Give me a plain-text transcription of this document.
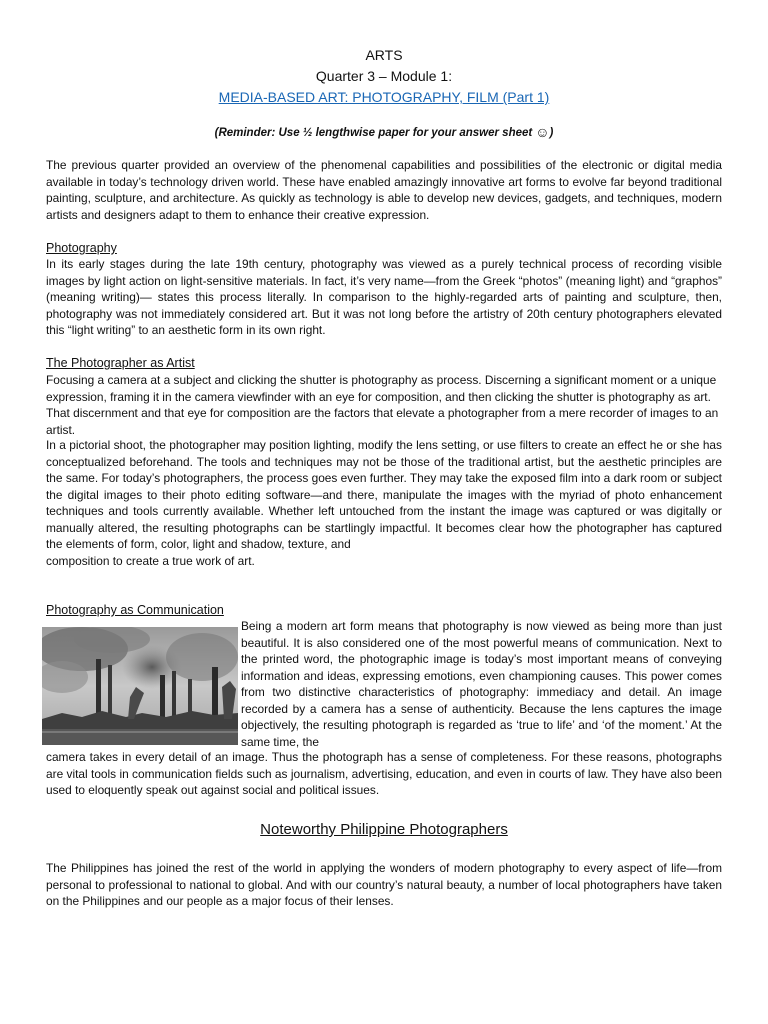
ARTS
Quarter 3 – Module 1:
MEDIA-BASED ART: PHOTOGRAPHY, FILM (Part 1)
(Reminder: Use ½ lengthwise paper for your answer sheet ☺)
The previous quarter provided an overview of the phenomenal capabilities and possibilities of the electronic or digital media available in today’s technology driven world. These have enabled amazingly innovative art forms to evolve far beyond traditional painting, sculpture, and architecture. As quickly as technology is able to develop new devices, gadgets, and techniques, modern artists and designers adapt to them to enhance their creative expression.
Photography
In its early stages during the late 19th century, photography was viewed as a purely technical process of recording visible images by light action on light-sensitive materials. In fact, it’s very name—from the Greek “photos” (meaning light) and “graphos” (meaning writing)— states this process literally. In comparison to the highly-regarded arts of painting and sculpture, then, photography was not immediately considered art. But it was not long before the artistry of 20th century photographers elevated this “light writing” to an aesthetic form in its own right.
The Photographer as Artist
Focusing a camera at a subject and clicking the shutter is photography as process. Discerning a significant moment or a unique expression, framing it in the camera viewfinder with an eye for composition, and then clicking the shutter is photography as art. That discernment and that eye for composition are the factors that elevate a photographer from a mere recorder of images to an artist.
In a pictorial shoot, the photographer may position lighting, modify the lens setting, or use filters to create an effect he or she has conceptualized beforehand. The tools and techniques may not be those of the traditional artist, but the aesthetic principles are the same. For today’s photographers, the process goes even further. They may take the exposed film into a dark room or subject the digital images to their photo editing software—and there, manipulate the images with the myriad of photo enhancement techniques and tools currently available. Whether left untouched from the instant the image was captured or was digitally or manually altered, the resulting photographs can be startlingly impactful. It becomes clear how the photographer has captured the elements of form, color, light and shadow, texture, and
composition to create a true work of art.
Photography as Communication
Being a modern art form means that photography is now viewed as being more than just beautiful. It is also considered one of the most powerful means of communication. Next to the printed word, the photographic image is today’s most important means of conveying information and ideas, expressing emotions, even championing causes. This power comes from two distinctive characteristics of photography: immediacy and detail. An image recorded by a camera has a sense of authenticity. Because the lens captures the image objectively, the resulting photograph is regarded as ‘true to life’ and ‘of the moment.’ At the same time, the
camera takes in every detail of an image. Thus the photograph has a sense of completeness. For these reasons, photographs are vital tools in communication fields such as journalism, advertising, education, and even in courts of law. They have also been used to eloquently speak out against social and political issues.
Noteworthy Philippine Photographers
The Philippines has joined the rest of the world in applying the wonders of modern photography to every aspect of life—from personal to professional to national to global. And with our country’s natural beauty, a number of local photographers have taken on the Philippines and our people as a major focus of their lenses.
